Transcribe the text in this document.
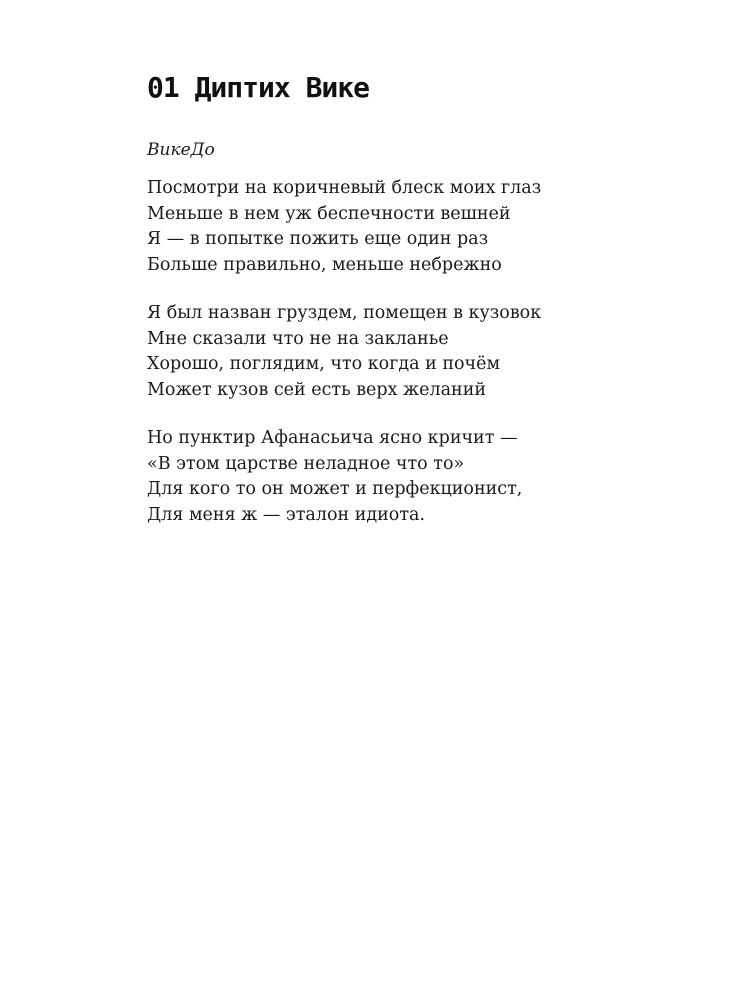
01 Диптих Вике

ВикеДо

Посмотри на коричневый блеск моих глаз
Меньше в нем уж беспечности вешней
Я — в попытке пожить еще один раз
Больше правильно, меньше небрежно
Я был назван груздем, помещен в кузовок
Мне сказали что не на закланье
Хорошо, поглядим, что когда и почём
Может кузов сей есть верх желаний
Но пунктир Афанасьича ясно кричит —
«В этом царстве неладное что то»
Для кого то он может и перфекционист,
Для меня ж — эталон идиота.
